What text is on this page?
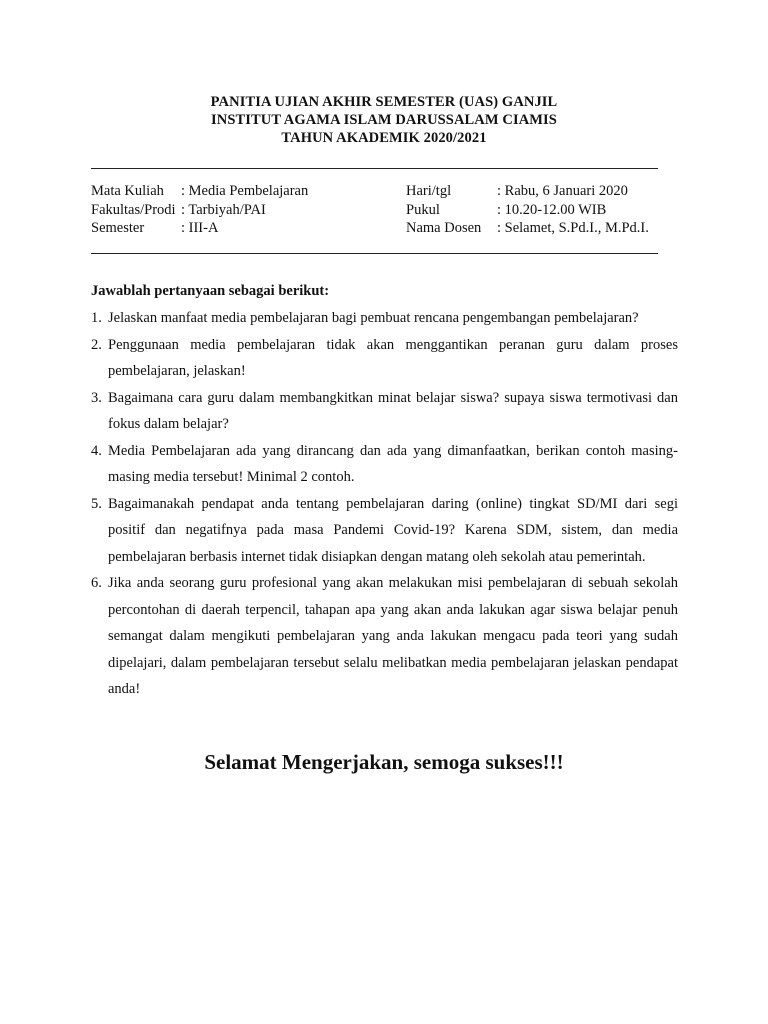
PANITIA UJIAN AKHIR SEMESTER (UAS) GANJIL
INSTITUT AGAMA ISLAM DARUSSALAM CIAMIS
TAHUN AKADEMIK 2020/2021
Mata Kuliah : Media Pembelajaran	Hari/tgl	: Rabu, 6 Januari 2020
Fakultas/Prodi : Tarbiyah/PAI	Pukul	: 10.20-12.00 WIB
Semester	: III-A	Nama Dosen : Selamet, S.Pd.I., M.Pd.I.
Jawablah pertanyaan sebagai berikut:
1. Jelaskan manfaat media pembelajaran bagi pembuat rencana pengembangan pembelajaran?
2. Penggunaan media pembelajaran tidak akan menggantikan peranan guru dalam proses pembelajaran, jelaskan!
3. Bagaimana cara guru dalam membangkitkan minat belajar siswa? supaya siswa termotivasi dan fokus dalam belajar?
4. Media Pembelajaran ada yang dirancang dan ada yang dimanfaatkan, berikan contoh masing-masing media tersebut! Minimal 2 contoh.
5. Bagaimanakah pendapat anda tentang pembelajaran daring (online) tingkat SD/MI dari segi positif dan negatifnya pada masa Pandemi Covid-19? Karena SDM, sistem, dan media pembelajaran berbasis internet tidak disiapkan dengan matang oleh sekolah atau pemerintah.
6. Jika anda seorang guru profesional yang akan melakukan misi pembelajaran di sebuah sekolah percontohan di daerah terpencil, tahapan apa yang akan anda lakukan agar siswa belajar penuh semangat dalam mengikuti pembelajaran yang anda lakukan mengacu pada teori yang sudah dipelajari, dalam pembelajaran tersebut selalu melibatkan media pembelajaran jelaskan pendapat anda!
Selamat Mengerjakan, semoga sukses!!!
